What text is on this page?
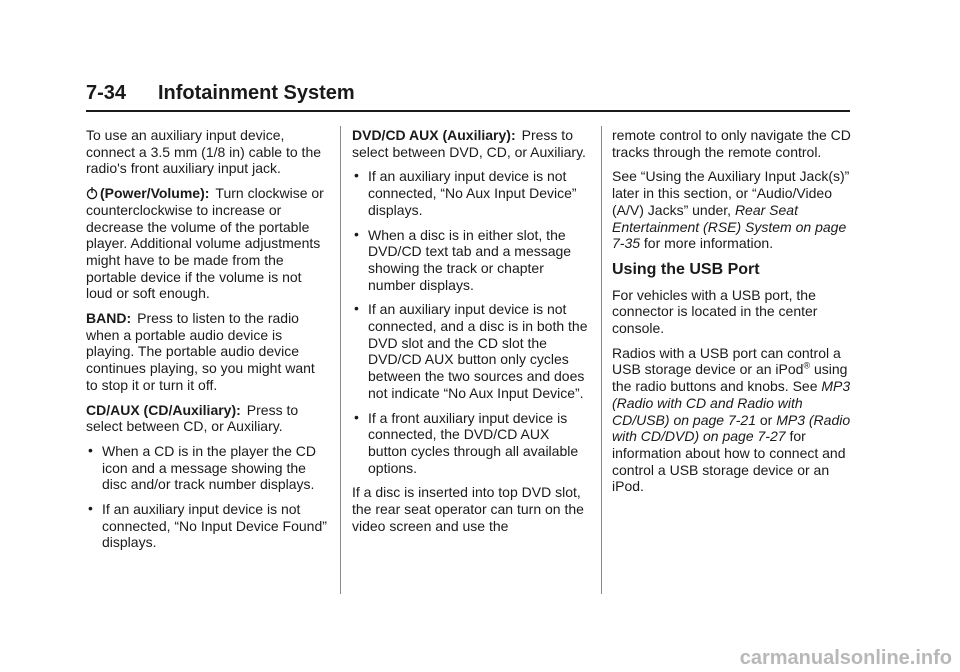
7-34 Infotainment System

To use an auxiliary input device, connect a 3.5 mm (1/8 in) cable to the radio's front auxiliary input jack.

(Power/Volume): Turn clockwise or counterclockwise to increase or decrease the volume of the portable player. Additional volume adjustments might have to be made from the portable device if the volume is not loud or soft enough.

BAND: Press to listen to the radio when a portable audio device is playing. The portable audio device continues playing, so you might want to stop it or turn it off.

CD/AUX (CD/Auxiliary): Press to select between CD, or Auxiliary.

• When a CD is in the player the CD icon and a message showing the disc and/or track number displays.
• If an auxiliary input device is not connected, “No Input Device Found” displays.

DVD/CD AUX (Auxiliary): Press to select between DVD, CD, or Auxiliary.

• If an auxiliary input device is not connected, “No Aux Input Device” displays.
• When a disc is in either slot, the DVD/CD text tab and a message showing the track or chapter number displays.
• If an auxiliary input device is not connected, and a disc is in both the DVD slot and the CD slot the DVD/CD AUX button only cycles between the two sources and does not indicate “No Aux Input Device”.
• If a front auxiliary input device is connected, the DVD/CD AUX button cycles through all available options.

If a disc is inserted into top DVD slot, the rear seat operator can turn on the video screen and use the

remote control to only navigate the CD tracks through the remote control.

See “Using the Auxiliary Input Jack(s)” later in this section, or “Audio/Video (A/V) Jacks” under, Rear Seat Entertainment (RSE) System on page 7-35 for more information.

Using the USB Port

For vehicles with a USB port, the connector is located in the center console.

Radios with a USB port can control a USB storage device or an iPod® using the radio buttons and knobs. See MP3 (Radio with CD and Radio with CD/USB) on page 7-21 or MP3 (Radio with CD/DVD) on page 7-27 for information about how to connect and control a USB storage device or an iPod.

carmanualsonline.info
